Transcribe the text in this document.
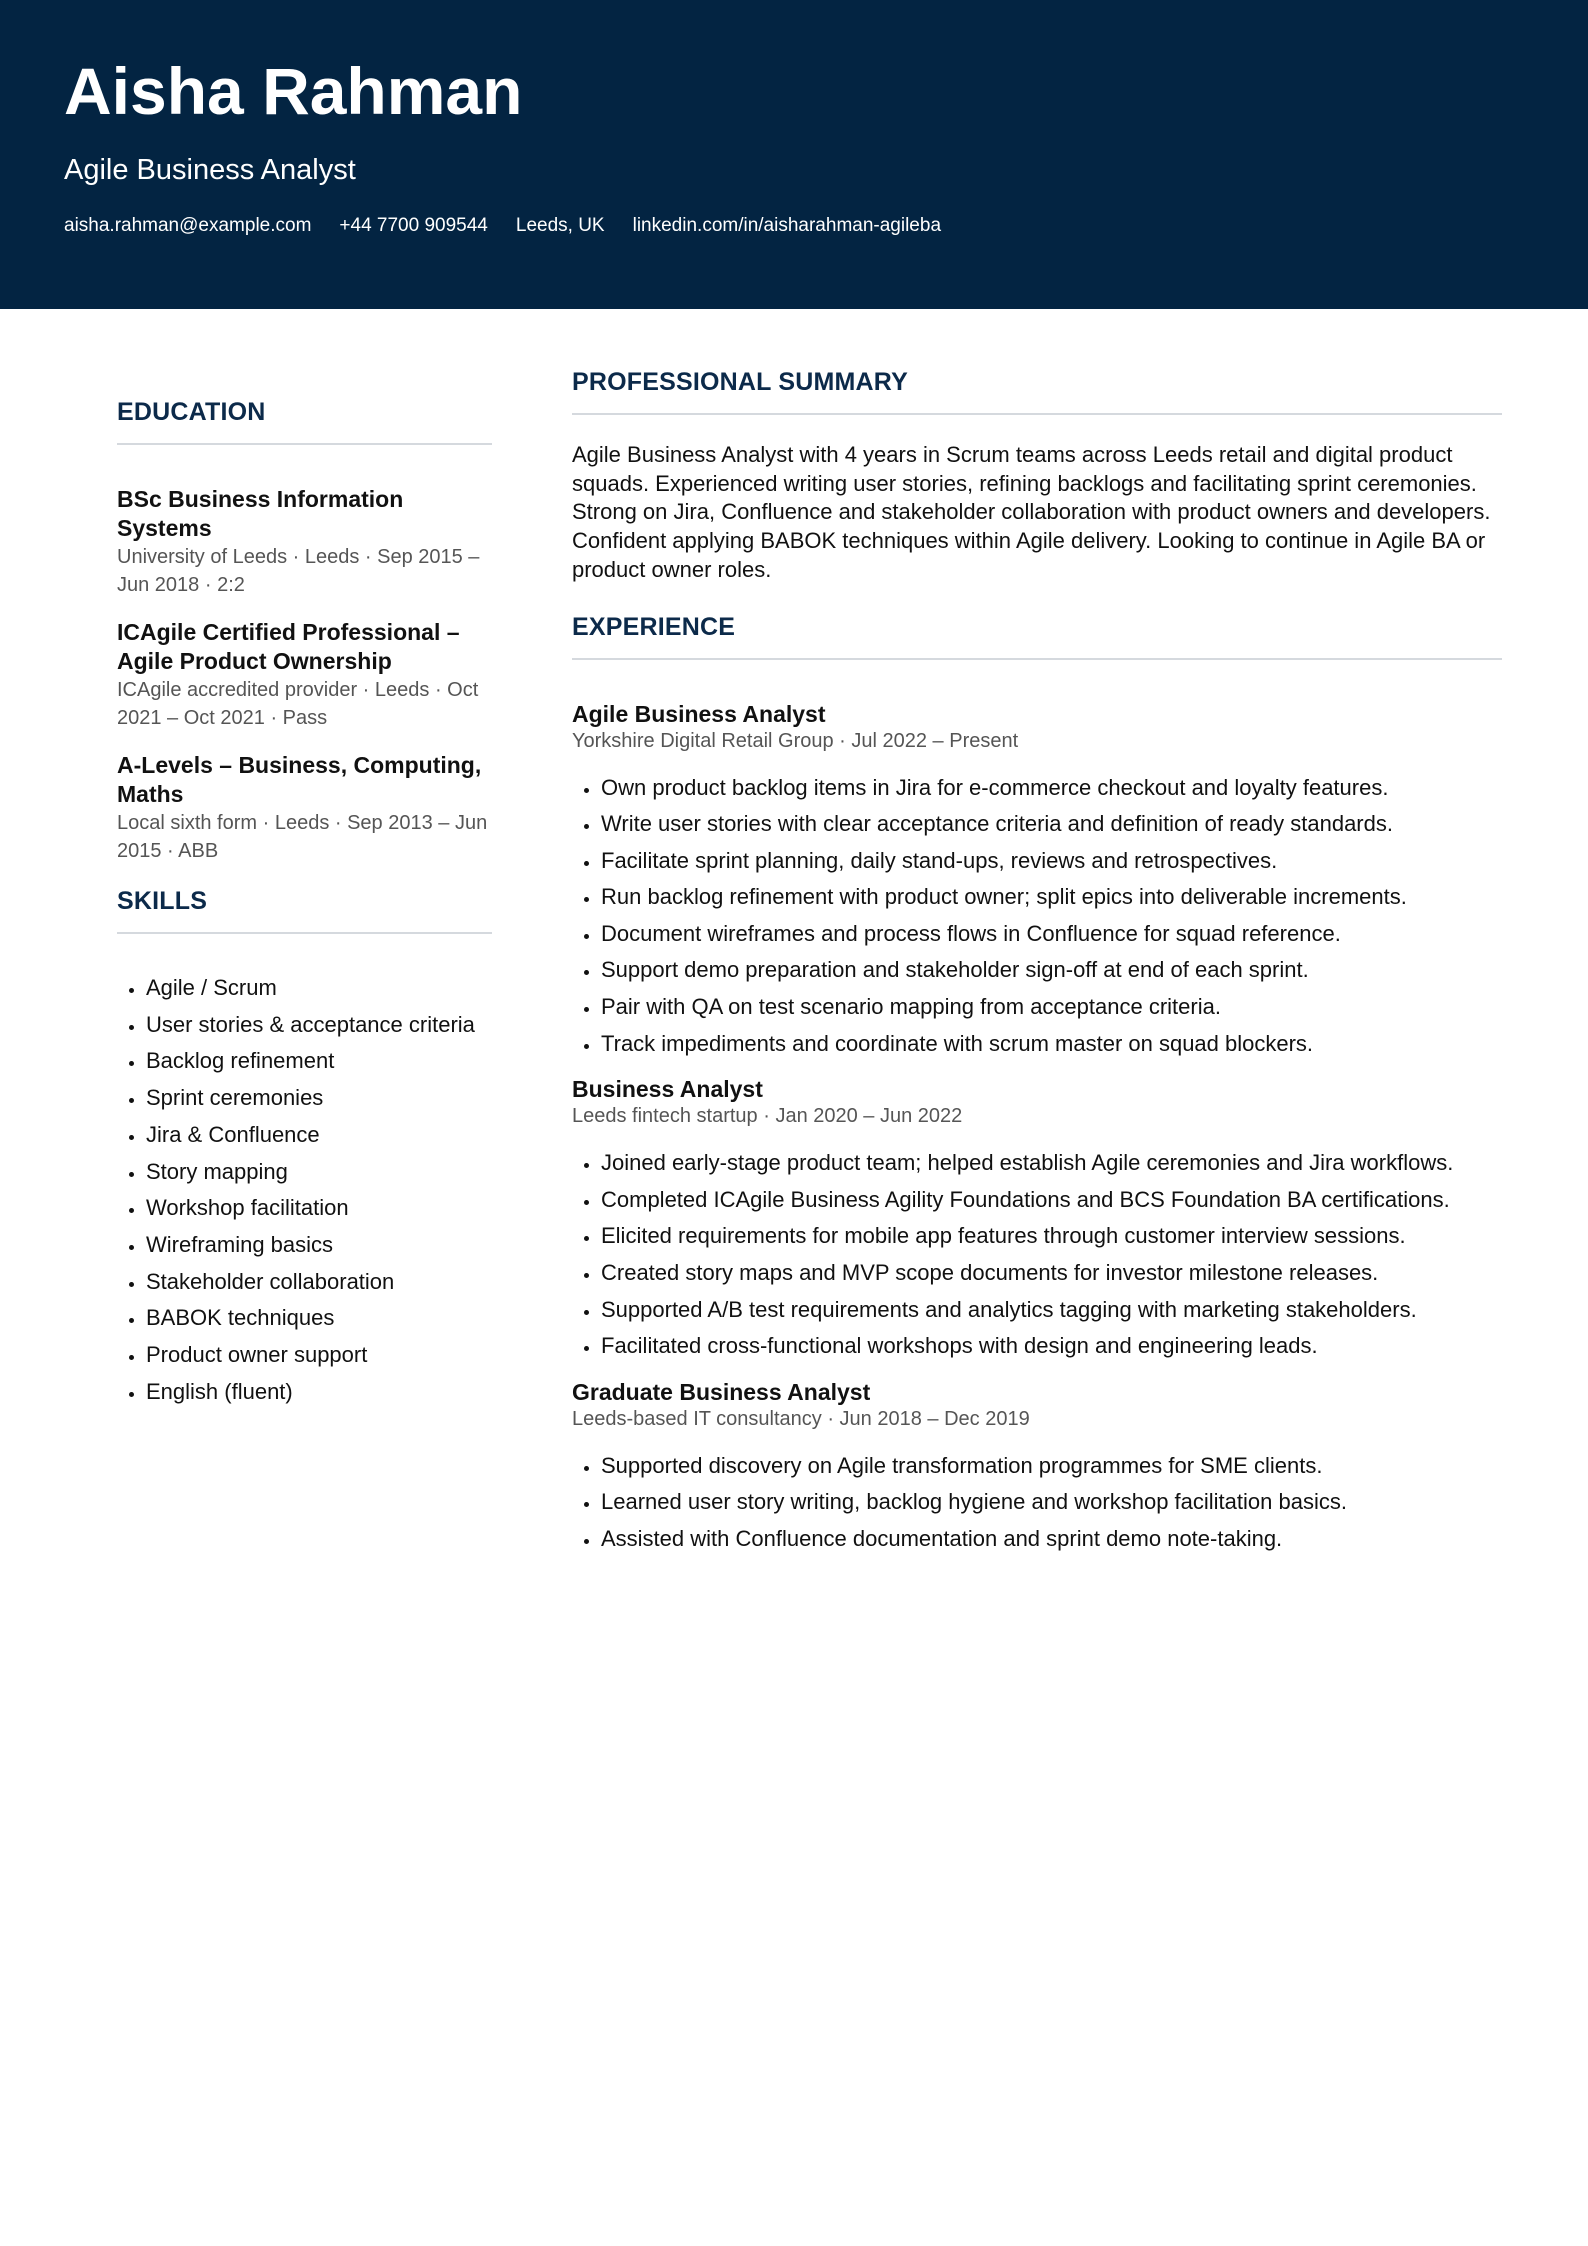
Aisha Rahman
Agile Business Analyst
aisha.rahman@example.com +44 7700 909544 Leeds, UK linkedin.com/in/aisharahman-agileba
EDUCATION
BSc Business Information Systems
University of Leeds · Leeds · Sep 2015 – Jun 2018 · 2:2
ICAgile Certified Professional – Agile Product Ownership
ICAgile accredited provider · Leeds · Oct 2021 – Oct 2021 · Pass
A-Levels – Business, Computing, Maths
Local sixth form · Leeds · Sep 2013 – Jun 2015 · ABB
SKILLS
• Agile / Scrum
• User stories & acceptance criteria
• Backlog refinement
• Sprint ceremonies
• Jira & Confluence
• Story mapping
• Workshop facilitation
• Wireframing basics
• Stakeholder collaboration
• BABOK techniques
• Product owner support
• English (fluent)
PROFESSIONAL SUMMARY

Agile Business Analyst with 4 years in Scrum teams across Leeds retail and digital product squads. Experienced writing user stories, refining backlogs and facilitating sprint ceremonies. Strong on Jira, Confluence and stakeholder collaboration with product owners and developers. Confident applying BABOK techniques within Agile delivery. Looking to continue in Agile BA or product owner roles.

EXPERIENCE
Agile Business Analyst
Yorkshire Digital Retail Group · Jul 2022 – Present
• Own product backlog items in Jira for e-commerce checkout and loyalty features.
• Write user stories with clear acceptance criteria and definition of ready standards.
• Facilitate sprint planning, daily stand-ups, reviews and retrospectives.
• Run backlog refinement with product owner; split epics into deliverable increments.
• Document wireframes and process flows in Confluence for squad reference.
• Support demo preparation and stakeholder sign-off at end of each sprint.
• Pair with QA on test scenario mapping from acceptance criteria.
• Track impediments and coordinate with scrum master on squad blockers.
Business Analyst
Leeds fintech startup · Jan 2020 – Jun 2022
• Joined early-stage product team; helped establish Agile ceremonies and Jira workflows.
• Completed ICAgile Business Agility Foundations and BCS Foundation BA certifications.
• Elicited requirements for mobile app features through customer interview sessions.
• Created story maps and MVP scope documents for investor milestone releases.
• Supported A/B test requirements and analytics tagging with marketing stakeholders.
• Facilitated cross-functional workshops with design and engineering leads.
Graduate Business Analyst
Leeds-based IT consultancy · Jun 2018 – Dec 2019
• Supported discovery on Agile transformation programmes for SME clients.
• Learned user story writing, backlog hygiene and workshop facilitation basics.
• Assisted with Confluence documentation and sprint demo note-taking.
